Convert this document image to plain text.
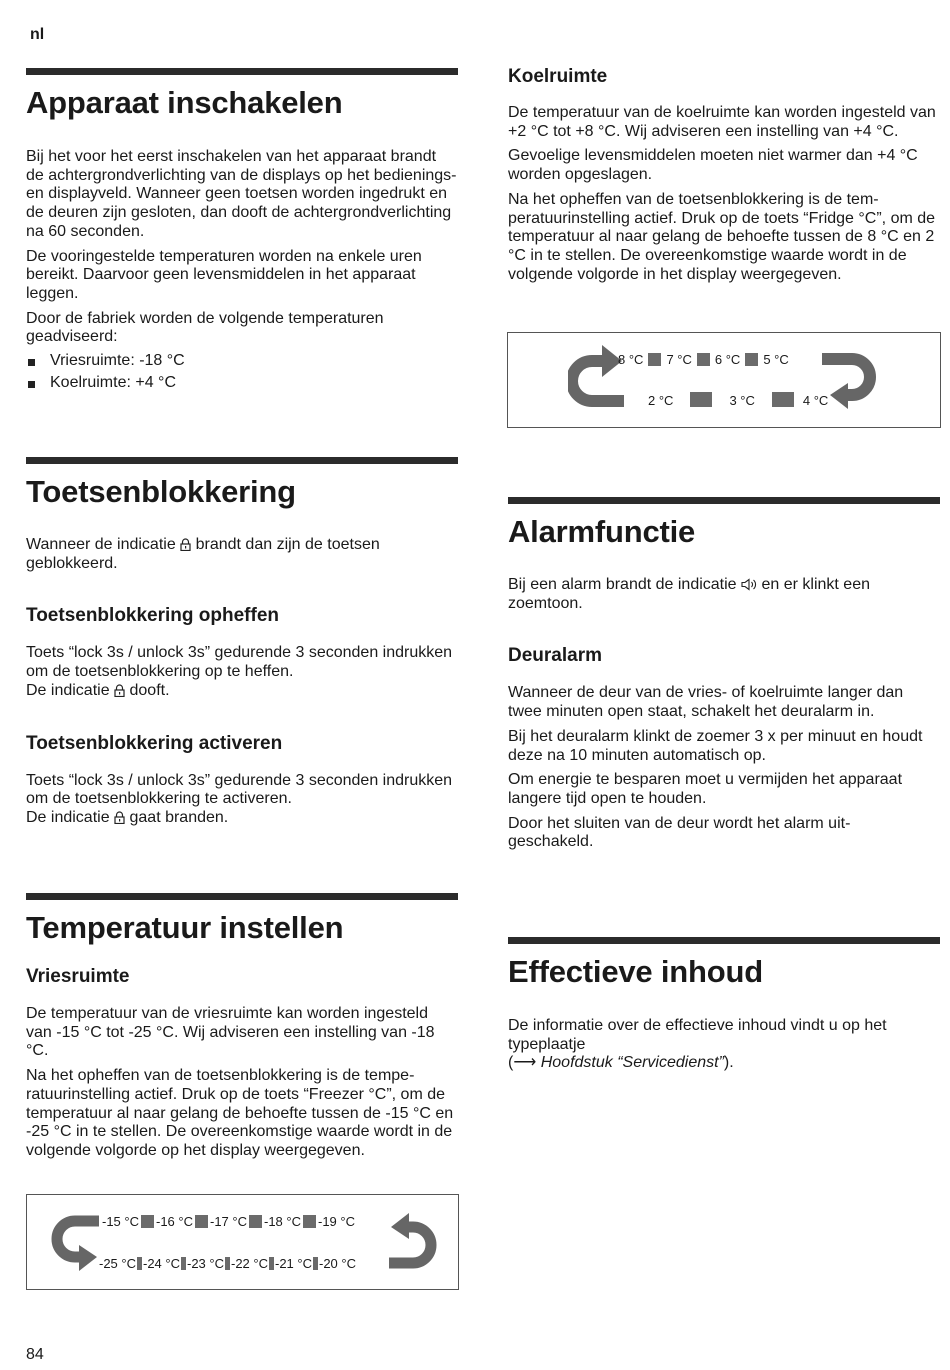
nl
Apparaat inschakelen

Bij het voor het eerst inschakelen van het apparaat brandt de achtergrondverlichting van de displays op het bedienings- en displayveld. Wanneer geen toetsen worden ingedrukt en de deuren zijn gesloten, dan dooft de achtergrondverlichting na 60 seconden.

De vooringestelde temperaturen worden na enkele uren bereikt. Daarvoor geen levensmiddelen in het apparaat leggen.

Door de fabriek worden de volgende temperaturen geadviseerd:

Vriesruimte: -18 °C
Koelruimte: +4 °C
Toetsenblokkering

Wanneer de indicatie  brandt dan zijn de toetsen geblokkeerd.

Toetsenblokkering opheffen

Toets “lock 3s / unlock 3s” gedurende 3 seconden indrukken om de toetsenblokkering op te heffen.

De indicatie  dooft.

Toetsenblokkering activeren

Toets “lock 3s / unlock 3s” gedurende 3 seconden indrukken om de toetsenblokkering te activeren.

De indicatie  gaat branden.

Temperatuur instellen
Vriesruimte

De temperatuur van de vriesruimte kan worden ingesteld van -15 °C tot -25 °C. Wij adviseren een instelling van -18 °C.

Na het opheffen van de toetsenblokkering is de tempe- ratuurinstelling actief. Druk op de toets “Freezer °C”, om de temperatuur al naar gelang de behoefte tussen de -15 °C en -25 °C in te stellen. De overeenkomstige waarde wordt in de volgende volgorde op het display weergegeven.

-15 °C -16 °C -17 °C -18 °C -19 °C
-25 °C -24 °C -23 °C -22 °C -21 °C -20 °C
Koelruimte

De temperatuur van de koelruimte kan worden ingesteld van +2 °C tot +8 °C. Wij adviseren een instelling van +4 °C.

Gevoelige levensmiddelen moeten niet warmer dan +4 °C worden opgeslagen.

Na het opheffen van de toetsenblokkering is de tem- peratuurinstelling actief. Druk op de toets “Fridge °C”, om de temperatuur al naar gelang de behoefte tussen de 8 °C en 2 °C in te stellen. De overeenkomstige waarde wordt in de volgende volgorde in het display weergegeven.

8 °C 7 °C 6 °C 5 °C
2 °C	3 °C	4 °C
Alarmfunctie

Bij een alarm brandt de indicatie  en er klinkt een zoemtoon.

Deuralarm

Wanneer de deur van de vries- of koelruimte langer dan twee minuten open staat, schakelt het deuralarm in.

Bij het deuralarm klinkt de zoemer 3 x per minuut en houdt deze na 10 minuten automatisch op.

Om energie te besparen moet u vermijden het apparaat langere tijd open te houden.

Door het sluiten van de deur wordt het alarm uit- geschakeld.

Effectieve inhoud

De informatie over de effectieve inhoud vindt u op het typeplaatje

(⟶ Hoofdstuk “Servicedienst”).

84
